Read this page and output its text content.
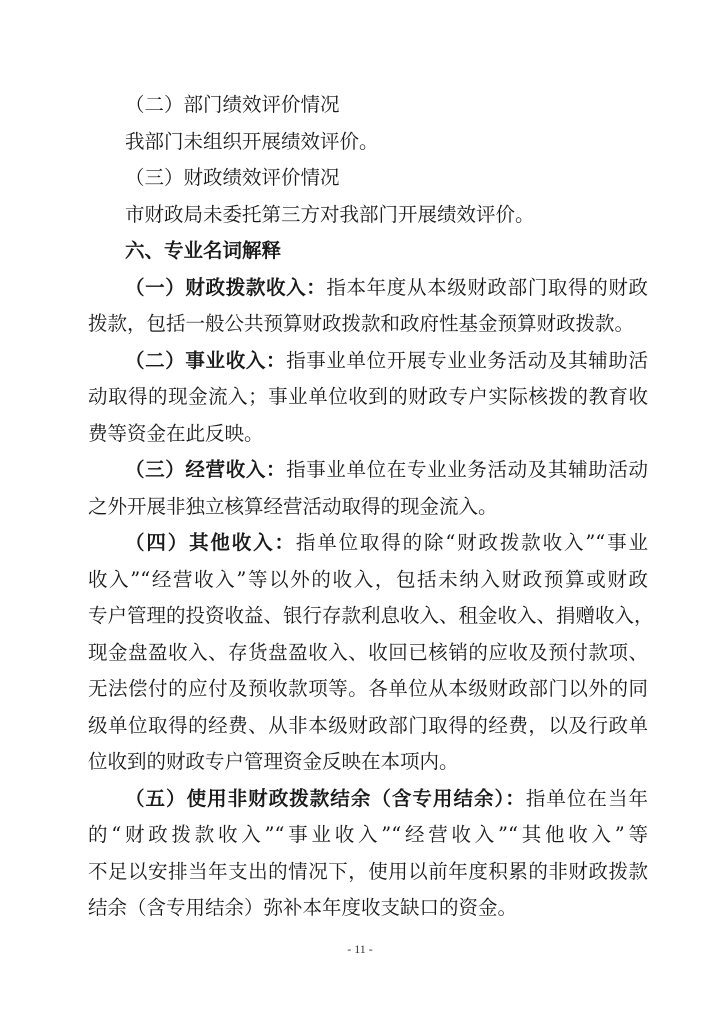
（二）部门绩效评价情况
我部门未组织开展绩效评价。
（三）财政绩效评价情况
市财政局未委托第三方对我部门开展绩效评价。
六、专业名词解释
（一）财政拨款收入：指本年度从本级财政部门取得的财政
拨款，包括一般公共预算财政拨款和政府性基金预算财政拨款。
（二）事业收入：指事业单位开展专业业务活动及其辅助活
动取得的现金流入；事业单位收到的财政专户实际核拨的教育收
费等资金在此反映。
（三）经营收入：指事业单位在专业业务活动及其辅助活动
之外开展非独立核算经营活动取得的现金流入。
（四）其他收入：指单位取得的除“财政拨款收入”“事业
收入”“经营收入”等以外的收入，包括未纳入财政预算或财政
专户管理的投资收益、银行存款利息收入、租金收入、捐赠收入，
现金盘盈收入、存货盘盈收入、收回已核销的应收及预付款项、
无法偿付的应付及预收款项等。各单位从本级财政部门以外的同
级单位取得的经费、从非本级财政部门取得的经费，以及行政单
位收到的财政专户管理资金反映在本项内。
（五）使用非财政拨款结余（含专用结余）：指单位在当年
的“财政拨款收入”“事业收入”“经营收入”“其他收入”等
不足以安排当年支出的情况下，使用以前年度积累的非财政拨款
结余（含专用结余）弥补本年度收支缺口的资金。
- 11 -
